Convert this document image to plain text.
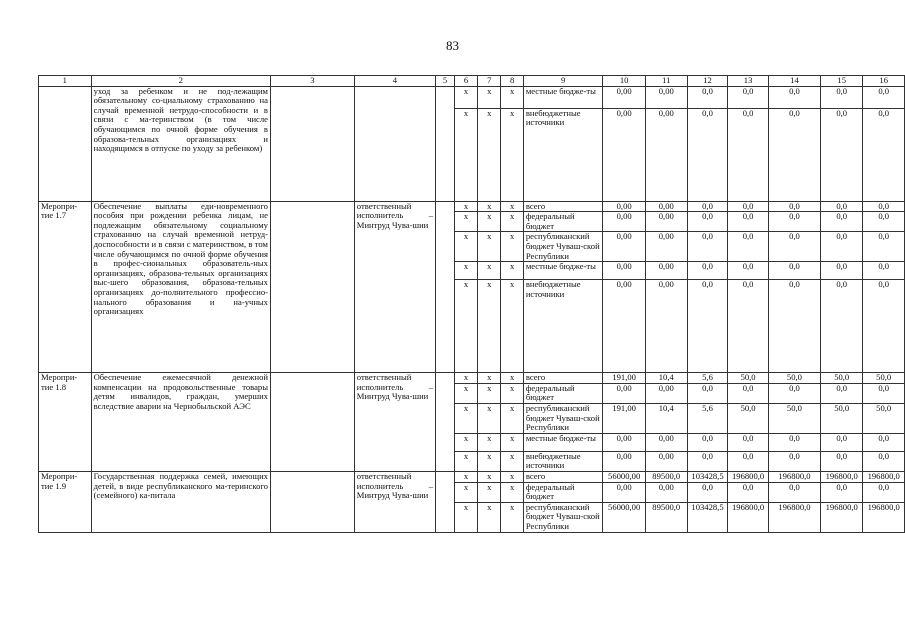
83
1	2	3	4	5	6	7	8	9	10	11	12	13	14	15	16
	уход за ребенком и не под-лежащим обязательному со-циальному страхованию на случай временной нетрудо-способности и в связи с ма-теринством (в том числе обучающимся по очной форме обучения в образова-тельных организациях и находящимся в отпуске по уходу за ребенком)				x	x	x	местные бюдже-ты	0,00	0,00	0,0	0,0	0,0	0,0	0,0
					x	x	x	внебюджетные источники	0,00	0,00	0,0	0,0	0,0	0,0	0,0
Меропри-тие 1.7	Обеспечение выплаты еди-новременного пособия при рождении ребенка лицам, не подлежащим обязательному социальному страхованию на случай временной нетруд-доспособности и в связи с материнством, в том числе обучающимся по очной форме обучения в профес-сиональных образователь-ных организациях, образова-тельных организациях выс-шего образования, образова-тельных организациях до-полнительного профессио-нального образования и на-учных организациях		ответственный исполнитель – Минтруд Чува-шии		x	x	x	всего	0,00	0,00	0,0	0,0	0,0	0,0	0,0
					x	x	x	федеральный бюджет	0,00	0,00	0,0	0,0	0,0	0,0	0,0
					x	x	x	республиканский бюджет Чуваш-ской Республики	0,00	0,00	0,0	0,0	0,0	0,0	0,0
					x	x	x	местные бюдже-ты	0,00	0,00	0,0	0,0	0,0	0,0	0,0
					x	x	x	внебюджетные источники	0,00	0,00	0,0	0,0	0,0	0,0	0,0
Меропри-тие 1.8	Обеспечение ежемесячной денежной компенсации на продовольственные товары детям инвалидов, граждан, умерших вследствие аварии на Чернобыльской АЭС		ответственный исполнитель – Минтруд Чува-шии		x	x	x	всего	191,00	10,4	5,6	50,0	50,0	50,0	50,0
					x	x	x	федеральный бюджет	0,00	0,00	0,0	0,0	0,0	0,0	0,0
					x	x	x	республиканский бюджет Чуваш-ской Республики	191,00	10,4	5,6	50,0	50,0	50,0	50,0
					x	x	x	местные бюдже-ты	0,00	0,00	0,0	0,0	0,0	0,0	0,0
					x	x	x	внебюджетные источники	0,00	0,00	0,0	0,0	0,0	0,0	0,0
Меропри-тие 1.9	Государственная поддержка семей, имеющих детей, в виде республиканского ма-теринского (семейного) ка-питала		ответственный исполнитель – Минтруд Чува-шии		x	x	x	всего	56000,00	89500,0	103428,5	196800,0	196800,0	196800,0	196800,0
					x	x	x	федеральный бюджет	0,00	0,00	0,0	0,0	0,0	0,0	0,0
					x	x	x	республиканский бюджет Чуваш-ской Республики	56000,00	89500,0	103428,5	196800,0	196800,0	196800,0	196800,0
